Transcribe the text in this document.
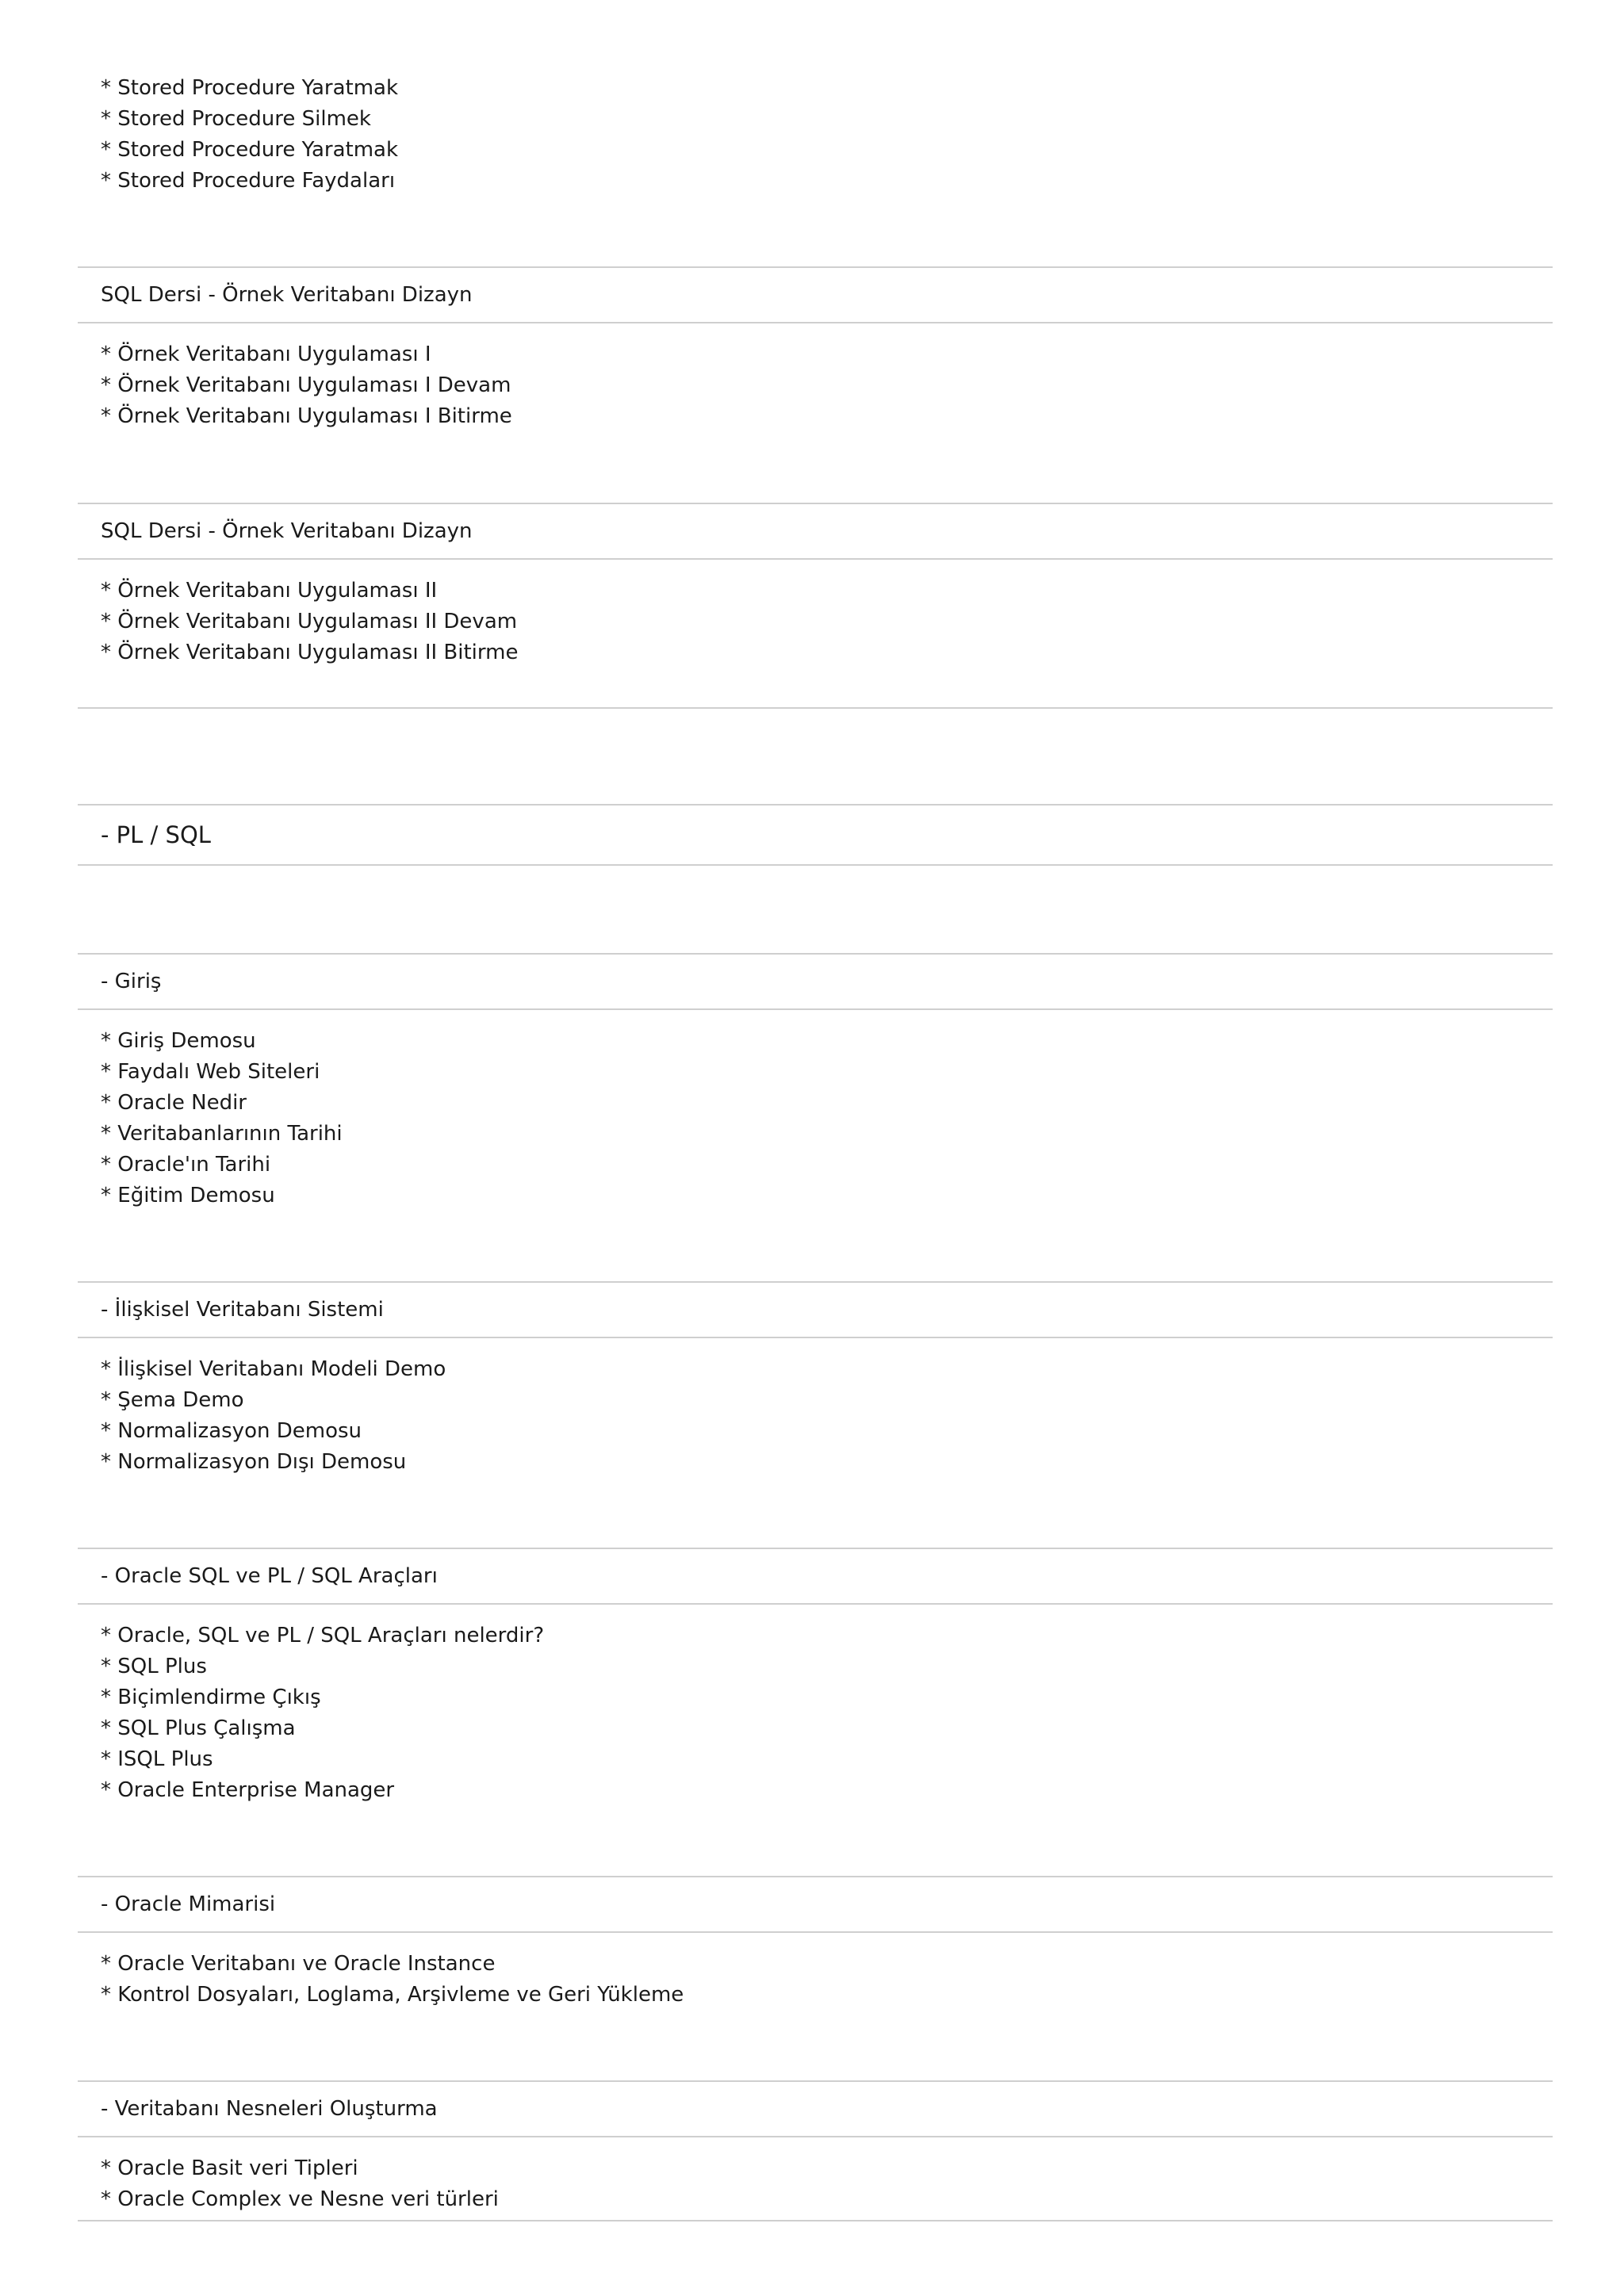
* Stored Procedure Yaratmak
* Stored Procedure Silmek
* Stored Procedure Yaratmak
* Stored Procedure Faydaları
SQL Dersi - Örnek Veritabanı Dizayn
* Örnek Veritabanı Uygulaması I
* Örnek Veritabanı Uygulaması I Devam
* Örnek Veritabanı Uygulaması I Bitirme
SQL Dersi - Örnek Veritabanı Dizayn
* Örnek Veritabanı Uygulaması II
* Örnek Veritabanı Uygulaması II Devam
* Örnek Veritabanı Uygulaması II Bitirme
- PL / SQL
- Giriş
* Giriş Demosu
* Faydalı Web Siteleri
* Oracle Nedir
* Veritabanlarının Tarihi
* Oracle'ın Tarihi
* Eğitim Demosu
- İlişkisel Veritabanı Sistemi
* İlişkisel Veritabanı Modeli Demo
* Şema Demo
* Normalizasyon Demosu
* Normalizasyon Dışı Demosu
- Oracle SQL ve PL / SQL Araçları
* Oracle, SQL ve PL / SQL Araçları nelerdir?
* SQL Plus
* Biçimlendirme Çıkış
* SQL Plus Çalışma
* ISQL Plus
* Oracle Enterprise Manager
- Oracle Mimarisi
* Oracle Veritabanı ve Oracle Instance
* Kontrol Dosyaları, Loglama, Arşivleme ve Geri Yükleme
- Veritabanı Nesneleri Oluşturma
* Oracle Basit veri Tipleri
* Oracle Complex ve Nesne veri türleri
